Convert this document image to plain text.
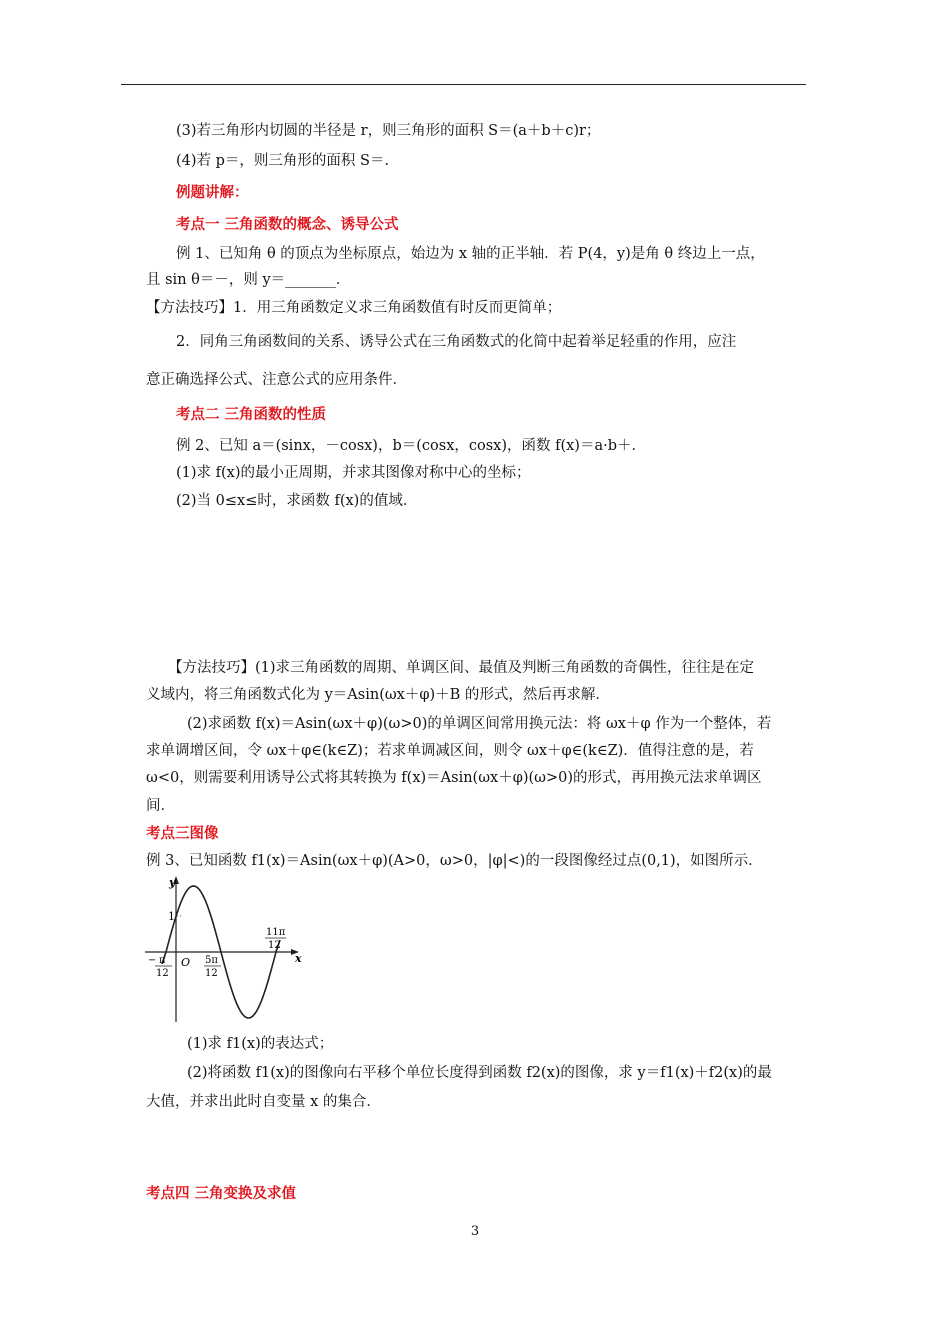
(3)若三角形内切圆的半径是 r，则三角形的面积 S＝(a＋b＋c)r；
(4)若 p＝，则三角形的面积 S＝.
例题讲解：
考点一 三角函数的概念、诱导公式
例 1、已知角 θ 的顶点为坐标原点，始边为 x 轴的正半轴．若 P(4，y)是角 θ 终边上一点，
且 sin θ＝－，则 y＝_______．
【方法技巧】1．用三角函数定义求三角函数值有时反而更简单；
2．同角三角函数间的关系、诱导公式在三角函数式的化简中起着举足轻重的作用，应注
意正确选择公式、注意公式的应用条件．
考点二 三角函数的性质
例 2、已知 a＝(sinx，－cosx)，b＝(cosx，cosx)，函数 f(x)＝a·b＋．
(1)求 f(x)的最小正周期，并求其图像对称中心的坐标；
(2)当 0≤x≤时，求函数 f(x)的值域．
【方法技巧】(1)求三角函数的周期、单调区间、最值及判断三角函数的奇偶性，往往是在定
义域内，将三角函数式化为 y＝Asin(ωx＋φ)＋B 的形式，然后再求解．
(2)求函数 f(x)＝Asin(ωx＋φ)(ω>0)的单调区间常用换元法：将 ωx＋φ 作为一个整体，若
求单调增区间，令 ωx＋φ∈(k∈Z)；若求单调减区间，则令 ωx＋φ∈(k∈Z)．值得注意的是，若
ω<0，则需要利用诱导公式将其转换为 f(x)＝Asin(ωx＋φ)(ω>0)的形式，再用换元法求单调区
间．
考点三图像
例 3、已知函数 f1(x)＝Asin(ωx＋φ)(A>0，ω>0，|φ|<)的一段图像经过点(0,1)，如图所示．
(1)求 f1(x)的表达式；
(2)将函数 f1(x)的图像向右平移个单位长度得到函数 f2(x)的图像，求 y＝f1(x)＋f2(x)的最
大值，并求出此时自变量 x 的集合．
考点四 三角变换及求值
y
x
O
1
− π
12
5π
12
11π
12
3
